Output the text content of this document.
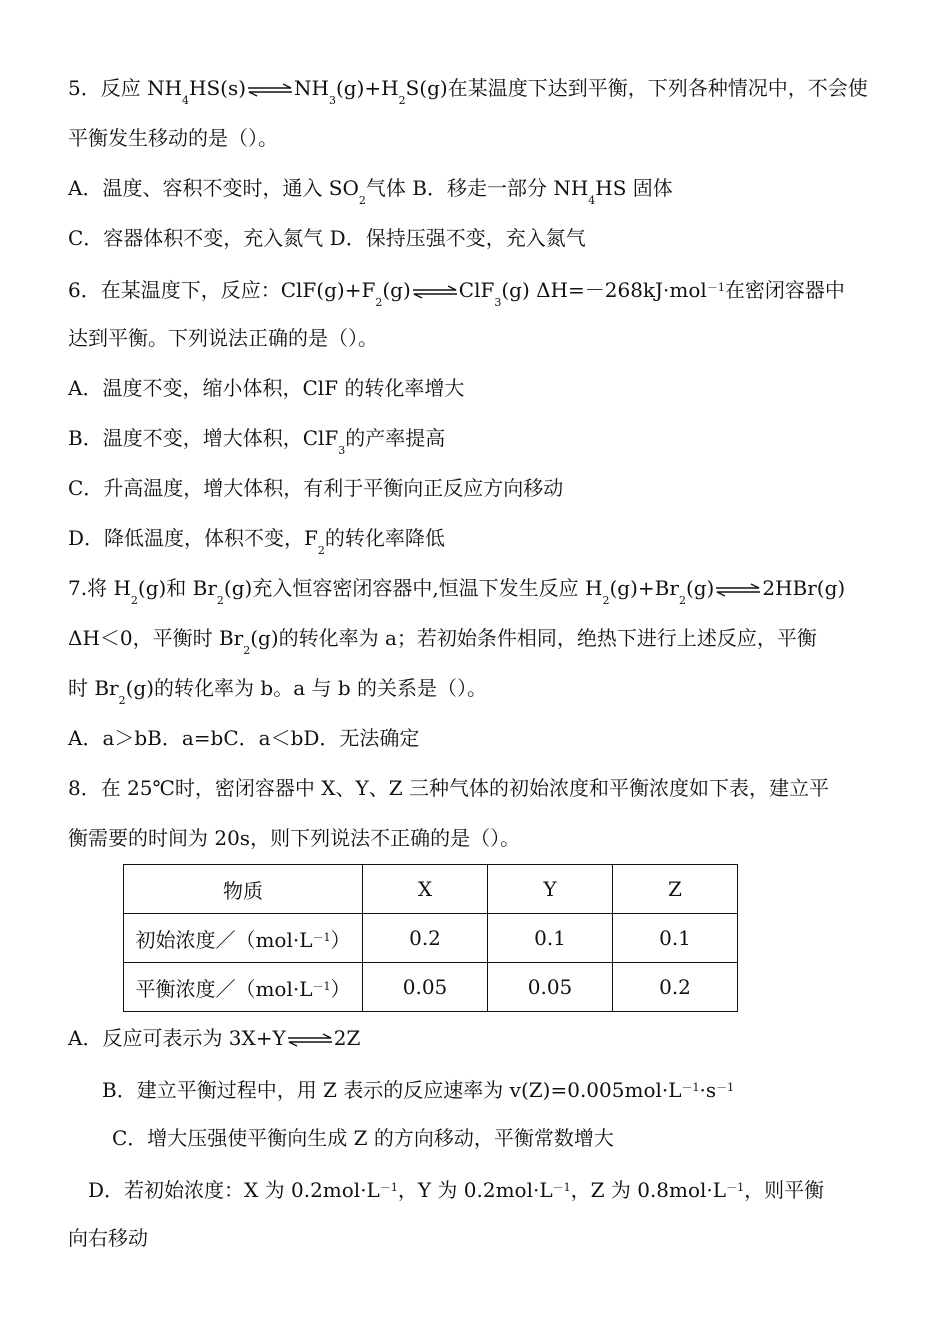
5．反应 $NH_4HS(s)\rightleftharpoons NH_3(g)+H_2S(g)$在某温度下达到平衡，下列各种情况中，不会使
平衡发生移动的是（）。
A．温度、容积不变时，通入 $SO_2$气体 B．移走一部分 $NH_4HS$ 固体
C．容器体积不变，充入氮气 D．保持压强不变，充入氮气
6．在某温度下，反应：$ClF(g)+F_2(g)\rightleftharpoons ClF_3(g)$ ΔH=－268kJ·mol$^{-1}$在密闭容器中
达到平衡。下列说法正确的是（）。
A．温度不变，缩小体积，ClF 的转化率增大
B．温度不变，增大体积，ClF$_3$的产率提高
C．升高温度，增大体积，有利于平衡向正反应方向移动
D．降低温度，体积不变，$F_2$的转化率降低
7.将 $H_2(g)$和 $Br_2(g)$充入恒容密闭容器中,恒温下发生反应 $H_2(g)+Br_2(g)\rightleftharpoons 2HBr(g)$
ΔH＜0，平衡时 $Br_2(g)$的转化率为 a；若初始条件相同，绝热下进行上述反应，平衡
时 $Br_2(g)$的转化率为 b。a 与 b 的关系是（）。
A．a＞bB．a=bC．a＜bD．无法确定
8．在 25℃时，密闭容器中 X、Y、Z 三种气体的初始浓度和平衡浓度如下表，建立平
衡需要的时间为 20s，则下列说法不正确的是（）。
物质	X	Y	Z
初始浓度$/(mol\cdot L^{-1})$	0.2	0.1	0.1
平衡浓度$/(mol\cdot L^{-1})$	0.05	0.05	0.2
A．反应可表示为 3X+Y⇌2Z
B．建立平衡过程中，用 Z 表示的反应速率为 $v(Z)=0.005mol\cdot L^{-1}\cdot s^{-1}$
C．增大压强使平衡向生成 Z 的方向移动，平衡常数增大
D．若初始浓度：X 为 $0.2mol\cdot L^{-1}$，Y 为 $0.2mol\cdot L^{-1}$，Z 为 $0.8mol\cdot L^{-1}$，则平衡
向右移动
